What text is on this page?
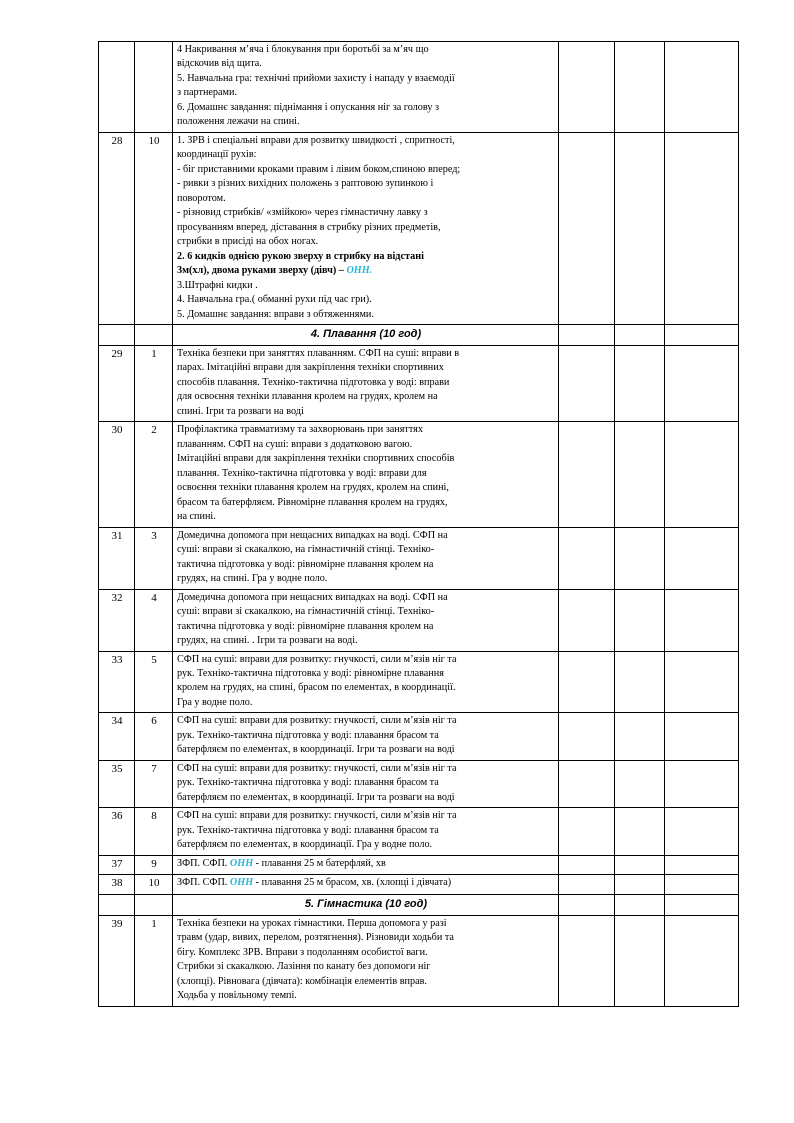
4 Накривання м’яча і блокування при боротьбі за м’яч що
відскочив від щита.
5. Навчальна гра: технічні прийоми захисту і нападу у взаємодії
з партнерами.
6. Домашнє завдання: піднімання і опускання ніг за голову з
положення лежачи на спині.

28	10	1. ЗРВ і спеціальні вправи для розвитку швидкості , спритності,
координації рухів:
- біг приставними кроками правим і лівим боком,спиною вперед;
- ривки з різних вихідних положень з раптовою зупинкою і
поворотом.
- різновид стрибків/ «змійкою» через гімнастичну лавку з
просуванням вперед, діставання в стрибку різних предметів,
стрибки в присіді на обох ногах.
2. 6 кидків однією рукою зверху в стрибку на відстані
3м(хл), двома руками зверху (дівч) – ОНН.
3.Штрафні кидки .
4. Навчальна гра.( обманні рухи під час гри).
5. Домашнє завдання: вправи з обтяженнями.

		4. Плавання (10 год)			
29	1	Техніка безпеки при заняттях плаванням. СФП на суші: вправи в
парах. Імітаційні вправи для закріплення техніки спортивних
способів плавання. Техніко-тактична підготовка у воді: вправи
для освоєння техніки плавання кролем на грудях, кролем на
спині. Ігри та розваги на воді			

30	2	Профілактика травматизму та захворювань при заняттях
плаванням. СФП на суші: вправи з додатковою вагою.
Імітаційні вправи для закріплення техніки спортивних способів
плавання. Техніко-тактична підготовка у воді: вправи для
освоєння техніки плавання кролем на грудях, кролем на спині,
брасом та батерфляєм. Рівномірне плавання кролем на грудях,
на спині.

31	3	Домедична допомога при нещасних випадках на воді. СФП на
суші: вправи зі скакалкою, на гімнастичній стінці. Техніко-
тактична підготовка у воді: рівномірне плавання кролем на
грудях, на спині. Гра у водне поло.			

32	4	Домедична допомога при нещасних випадках на воді. СФП на
суші: вправи зі скакалкою, на гімнастичній стінці. Техніко-
тактична підготовка у воді: рівномірне плавання кролем на
грудях, на спині. . Ігри та розваги на воді.			

33	5	СФП на суші: вправи для розвитку: гнучкості, сили м’язів ніг та
рук. Техніко-тактична підготовка у воді: рівномірне плавання
кролем на грудях, на спині, брасом по елементах, в координації.
Гра у водне поло.			

34	6	СФП на суші: вправи для розвитку: гнучкості, сили м’язів ніг та
рук. Техніко-тактична підготовка у воді: плавання брасом та
батерфляєм по елементах, в координації. Ігри та розваги на воді			

35	7	СФП на суші: вправи для розвитку: гнучкості, сили м’язів ніг та
рук. Техніко-тактична підготовка у воді: плавання брасом та
батерфляєм по елементах, в координації. Ігри та розваги на воді			

36	8	СФП на суші: вправи для розвитку: гнучкості, сили м’язів ніг та
рук. Техніко-тактична підготовка у воді: плавання брасом та
батерфляєм по елементах, в координації. Гра у водне поло.			

37	9	ЗФП. СФП. ОНН - плавання 25 м батерфляй, хв			

38	10	ЗФП. СФП. ОНН - плавання 25 м брасом, хв. (хлопці і дівчата)			

		5. Гімнастика (10 год)			
39	1	Техніка безпеки на уроках гімнастики. Перша допомога у разі
травм (удар, вивих, перелом, розтягнення). Різновиди ходьби та
бігу. Комплекс ЗРВ. Вправи з подоланням особистої ваги.
Стрибки зі скакалкою. Лазіння по канату без допомоги ніг
(хлопці). Рівновага (дівчата): комбінація елементів вправ.
Ходьба у повільному темпі.
